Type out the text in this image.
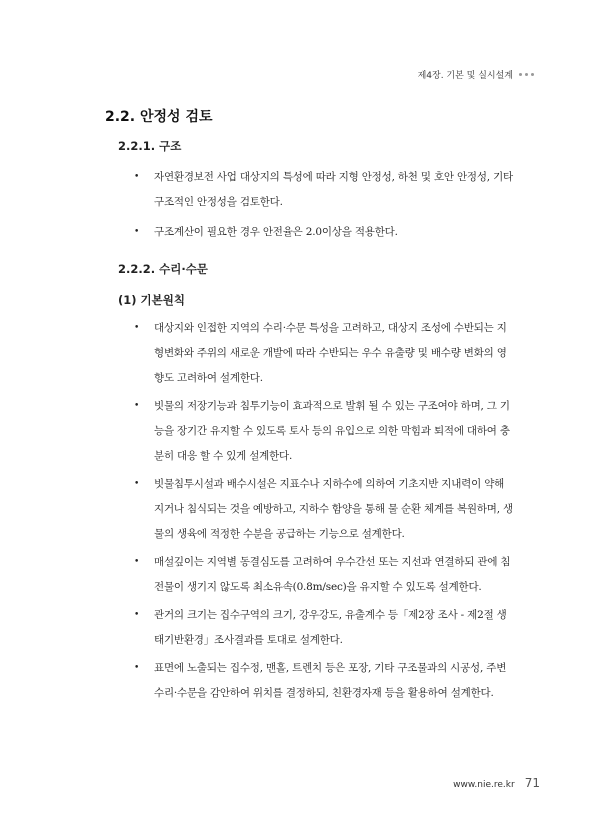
제4장. 기본 및 실시설계
2.2. 안정성 검토
2.2.1. 구조
• 자연환경보전 사업 대상지의 특성에 따라 지형 안정성, 하천 및 호안 안정성, 기타 구조적인 안정성을 검토한다.
• 구조계산이 필요한 경우 안전율은 2.0이상을 적용한다.
2.2.2. 수리·수문
(1) 기본원칙
• 대상지와 인접한 지역의 수리·수문 특성을 고려하고, 대상지 조성에 수반되는 지형변화와 주위의 새로운 개발에 따라 수반되는 우수 유출량 및 배수량 변화의 영향도 고려하여 설계한다.
• 빗물의 저장기능과 침투기능이 효과적으로 발휘 될 수 있는 구조여야 하며, 그 기능을 장기간 유지할 수 있도록 토사 등의 유입으로 의한 막힘과 퇴적에 대하여 충분히 대응 할 수 있게 설계한다.
• 빗물침투시설과 배수시설은 지표수나 지하수에 의하여 기초지반 지내력이 약해지거나 침식되는 것을 예방하고, 지하수 함양을 통해 물 순환 체계를 복원하며, 생물의 생육에 적정한 수분을 공급하는 기능으로 설계한다.
• 매설깊이는 지역별 동결심도를 고려하여 우수간선 또는 지선과 연결하되 관에 침전물이 생기지 않도록 최소유속(0.8m/sec)을 유지할 수 있도록 설계한다.
• 관거의 크기는 집수구역의 크기, 강우강도, 유출계수 등「제2장 조사 - 제2절 생태기반환경」조사결과를 토대로 설계한다.
• 표면에 노출되는 집수정, 맨홀, 트렌치 등은 포장, 기타 구조물과의 시공성, 주변 수리·수문을 감안하여 위치를 결정하되, 친환경자재 등을 활용하여 설계한다.
www.nie.re.kr 71
